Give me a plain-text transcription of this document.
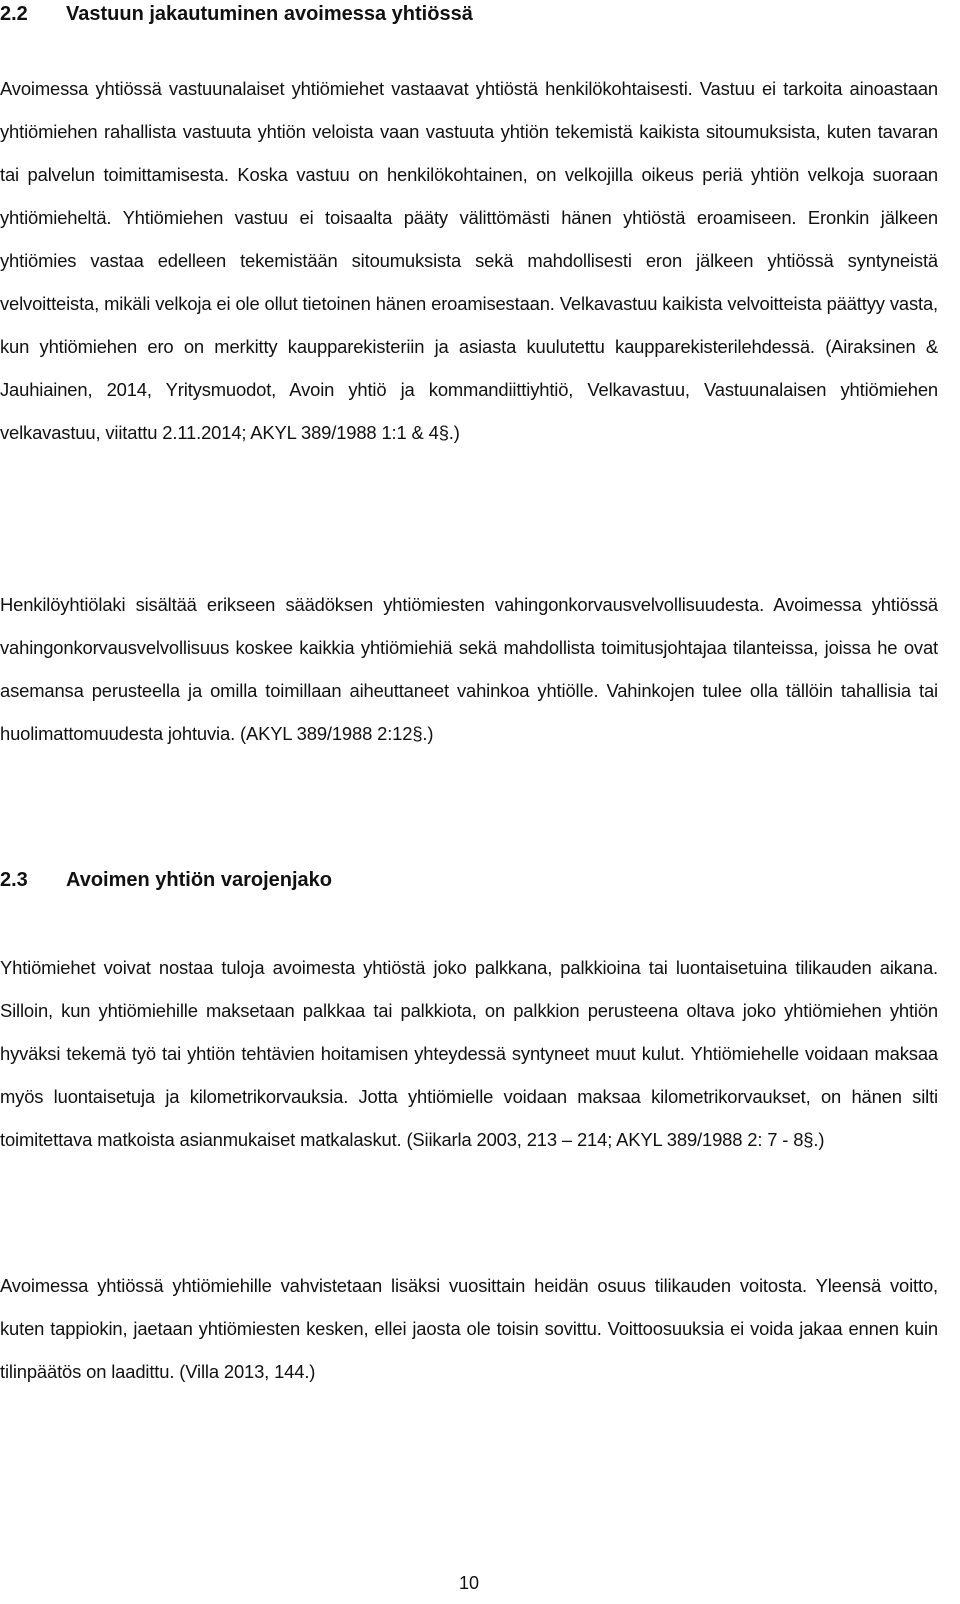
2.2 Vastuun jakautuminen avoimessa yhtiössä

Avoimessa yhtiössä vastuunalaiset yhtiömiehet vastaavat yhtiöstä henkilökohtaisesti. Vastuu ei tarkoita ainoastaan yhtiömiehen rahallista vastuuta yhtiön veloista vaan vastuuta yhtiön tekemistä kaikista sitoumuksista, kuten tavaran tai palvelun toimittamisesta. Koska vastuu on henkilökohtainen, on velkojilla oikeus periä yhtiön velkoja suoraan yhtiömieheltä. Yhtiömiehen vastuu ei toisaalta pääty välittömästi hänen yhtiöstä eroamiseen. Eronkin jälkeen yhtiömies vastaa edelleen tekemistään sitoumuksista sekä mahdollisesti eron jälkeen yhtiössä syntyneistä velvoitteista, mikäli velkoja ei ole ollut tietoinen hänen eroamisestaan. Velkavastuu kaikista velvoitteista päättyy vasta, kun yhtiömiehen ero on merkitty kaupparekisteriin ja asiasta kuulutettu kaupparekisterilehdessä. (Airaksinen & Jauhiainen, 2014, Yritysmuodot, Avoin yhtiö ja kommandiittiyhtiö, Velkavastuu, Vastuunalaisen yhtiömiehen velkavastuu, viitattu 2.11.2014; AKYL 389/1988 1:1 & 4§.)

Henkilöyhtiölaki sisältää erikseen säädöksen yhtiömiesten vahingonkorvausvelvollisuudesta. Avoimessa yhtiössä vahingonkorvausvelvollisuus koskee kaikkia yhtiömiehiä sekä mahdollista toimitusjohtajaa tilanteissa, joissa he ovat asemansa perusteella ja omilla toimillaan aiheuttaneet vahinkoa yhtiölle. Vahinkojen tulee olla tällöin tahallisia tai huolimattomuudesta johtuvia. (AKYL 389/1988 2:12§.)

2.3 Avoimen yhtiön varojenjako

Yhtiömiehet voivat nostaa tuloja avoimesta yhtiöstä joko palkkana, palkkioina tai luontaisetuina tilikauden aikana. Silloin, kun yhtiömiehille maksetaan palkkaa tai palkkiota, on palkkion perusteena oltava joko yhtiömiehen yhtiön hyväksi tekemä työ tai yhtiön tehtävien hoitamisen yhteydessä syntyneet muut kulut. Yhtiömiehelle voidaan maksaa myös luontaisetuja ja kilometrikorvauksia. Jotta yhtiömielle voidaan maksaa kilometrikorvaukset, on hänen silti toimitettava matkoista asianmukaiset matkalaskut. (Siikarla 2003, 213 – 214; AKYL 389/1988 2: 7 - 8§.)

Avoimessa yhtiössä yhtiömiehille vahvistetaan lisäksi vuosittain heidän osuus tilikauden voitosta. Yleensä voitto, kuten tappiokin, jaetaan yhtiömiesten kesken, ellei jaosta ole toisin sovittu. Voittoosuuksia ei voida jakaa ennen kuin tilinpäätös on laadittu. (Villa 2013, 144.)

10
